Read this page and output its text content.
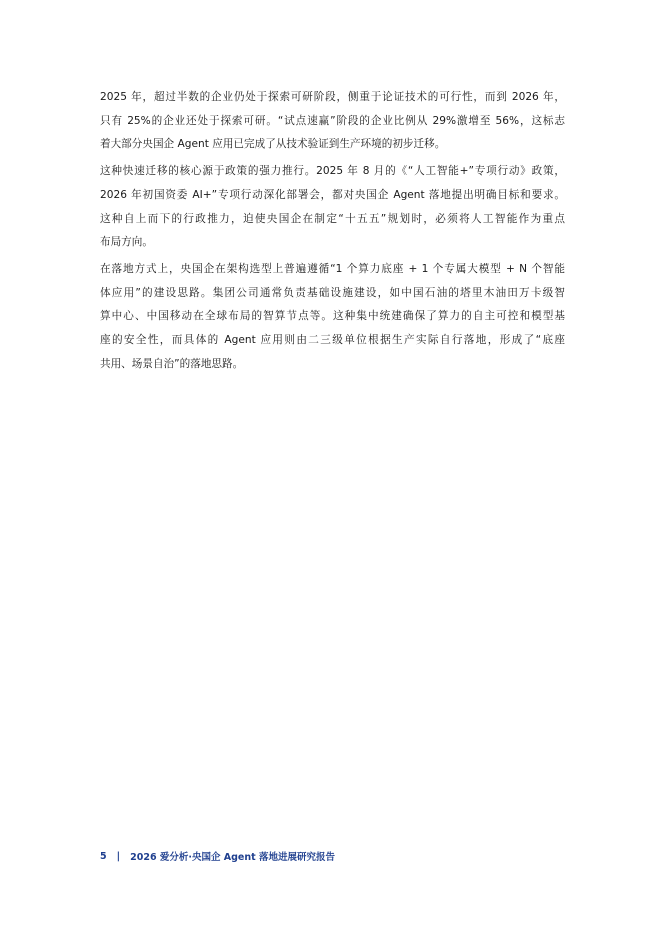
2025 年，超过半数的企业仍处于探索可研阶段，侧重于论证技术的可行性，而到 2026 年，
只有 25%的企业还处于探索可研。“试点速赢”阶段的企业比例从 29%激增至 56%，这标志
着大部分央国企 Agent 应用已完成了从技术验证到生产环境的初步迁移。
这种快速迁移的核心源于政策的强力推行。2025 年 8 月的《“人工智能+”专项行动》政策，
2026 年初国资委 AI+”专项行动深化部署会，都对央国企 Agent 落地提出明确目标和要求。
这种自上而下的行政推力，迫使央国企在制定“十五五”规划时，必须将人工智能作为重点
布局方向。
在落地方式上，央国企在架构选型上普遍遵循“1 个算力底座 + 1 个专属大模型 + N 个智能
体应用”的建设思路。集团公司通常负责基础设施建设，如中国石油的塔里木油田万卡级智
算中心、中国移动在全球布局的智算节点等。这种集中统建确保了算力的自主可控和模型基
座的安全性，而具体的 Agent 应用则由二三级单位根据生产实际自行落地，形成了“底座
共用、场景自治”的落地思路。
5 | 2026 爱分析·央国企 Agent 落地进展研究报告
